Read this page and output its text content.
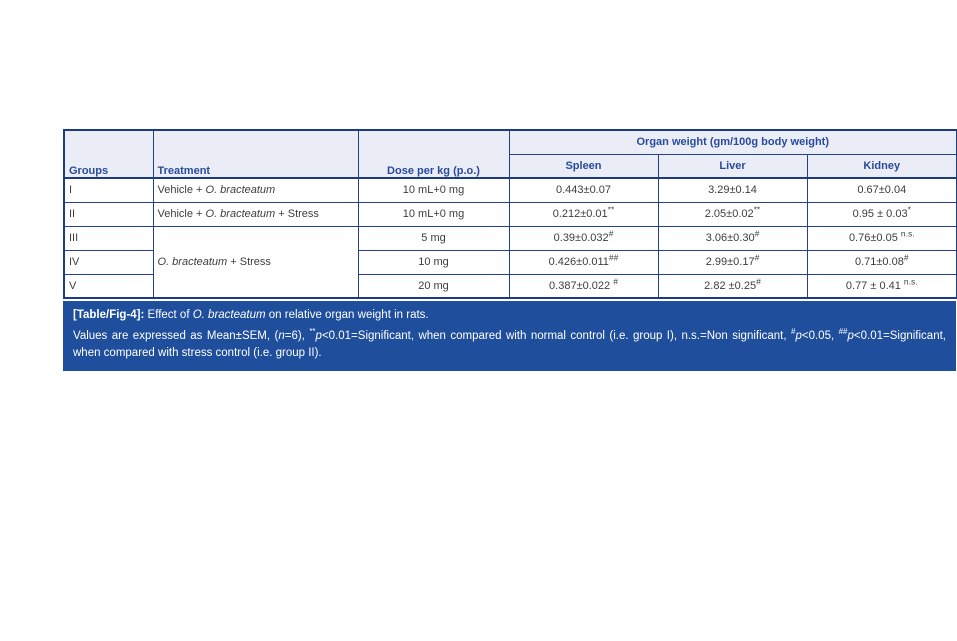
Groups	Treatment	Dose per kg (p.o.)	Organ weight (gm/100g body weight)		
			Spleen	Liver	Kidney
I	Vehicle + O. bracteatum	10 mL+0 mg	0.443±0.07	3.29±0.14	0.67±0.04
II	Vehicle + O. bracteatum + Stress	10 mL+0 mg	0.212±0.01**	2.05±0.02**	0.95 ± 0.03*
III	O. bracteatum + Stress	5 mg	0.39±0.032#	3.06±0.30#	0.76±0.05 $^{n.s.}$
IV		10 mg	0.426±0.011##	2.99±0.17#	0.71±0.08#
V		20 mg	0.387±0.022 #	2.82 ±0.25#	0.77 ± 0.41 $^{n.s.}$

[Table/Fig-4]: Effect of O. bracteatum on relative organ weight in rats.

Values are expressed as Mean±SEM, (n=6), **p<0.01=Significant, when compared with normal control (i.e. group I), n.s.=Non significant, #p<0.05, ##p<0.01=Significant, when compared with stress control (i.e. group II).
